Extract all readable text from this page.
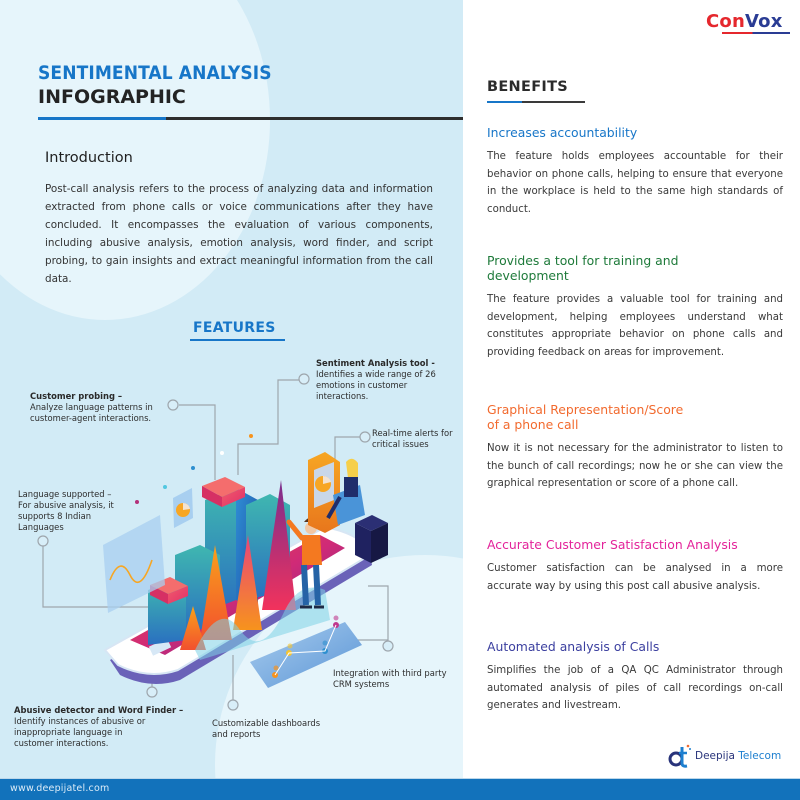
SENTIMENTAL ANALYSIS
INFOGRAPHIC
Introduction
Post-call analysis refers to the process of analyzing data and information extracted from phone calls or voice communications after they have concluded. It encompasses the evaluation of various components, including abusive analysis, emotion analysis, word finder, and script probing, to gain insights and extract meaningful information from the call data.
FEATURES
Customer probing –
Analyze language patterns in customer-agent interactions.
Sentiment Analysis tool -
Identifies a wide range of 26 emotions in customer interactions.
Real-time alerts for critical issues
Language supported – For abusive analysis, it supports 8 Indian Languages
Integration with third party CRM systems
Abusive detector and Word Finder –
Identify instances of abusive or inappropriate language in customer interactions.
Customizable dashboards and reports
ConVox
BENEFITS
Increases accountability
The feature holds employees accountable for their behavior on phone calls, helping to ensure that everyone in the workplace is held to the same high standards of conduct.
Provides a tool for training and development
The feature provides a valuable tool for training and development, helping employees understand what constitutes appropriate behavior on phone calls and providing feedback on areas for improvement.
Graphical Representation/Score of a phone call
Now it is not necessary for the administrator to listen to the bunch of call recordings; now he or she can view the graphical representation or score of a phone call.
Accurate Customer Satisfaction Analysis
Customer satisfaction can be analysed in a more accurate way by using this post call abusive analysis.
Automated analysis of Calls
Simplifies the job of a QA QC Administrator through automated analysis of piles of call recordings on-call generates and livestream.
Deepija Telecom
www.deepijatel.com
